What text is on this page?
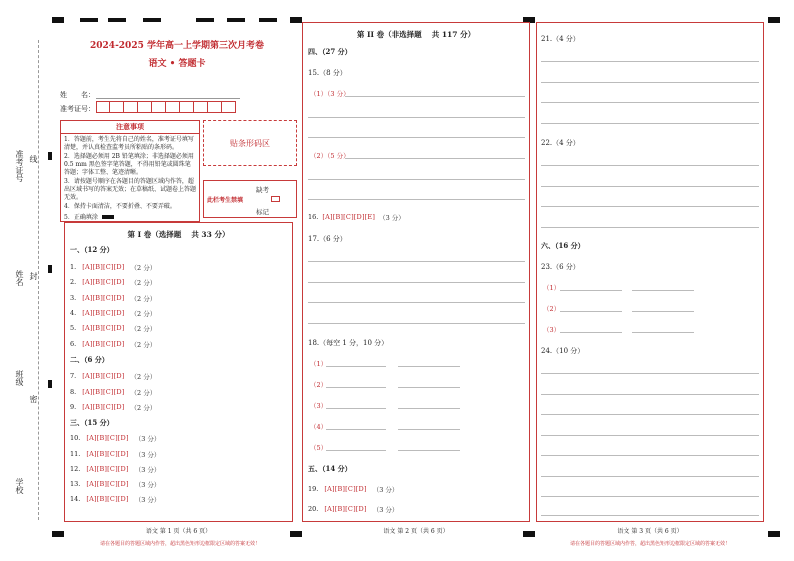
准考证号 线
姓名 封
班级
密
学校
2024-2025 学年高一上学期第三次月考卷
语文 • 答题卡
姓　　名：
准考证号：
注意事项
1．答题前，考生先将自己的姓名，准考证号填写清楚，并认真检查监考员所粘贴的条形码。
2．选择题必须用 2B 铅笔填涂；非选择题必须用 0.5 mm 黑色签字笔答题，不得用铅笔或圆珠笔答题；字体工整、笔迹清晰。
3．请按题号顺序在各题目的答题区域内作答，超出区域书写的答案无效；在草稿纸、试题卷上答题无效。
4．保持卡面清洁，不要折叠、不要弄破。
5．正确填涂
贴条形码区
缺考
此栏考生禁填
标记
第 I 卷（选择题　 共 33 分）
一、（12 分）
1. [A][B][C][D] （2 分）
2. [A][B][C][D] （2 分）
3. [A][B][C][D] （2 分）
4. [A][B][C][D] （2 分）
5. [A][B][C][D] （2 分）
6. [A][B][C][D] （2 分）
二、（6 分）
7. [A][B][C][D] （2 分）
8. [A][B][C][D] （2 分）
9. [A][B][C][D] （2 分）
三、（15 分）
10. [A][B][C][D] （3 分）
11. [A][B][C][D] （3 分）
12. [A][B][C][D] （3 分）
13. [A][B][C][D] （3 分）
14. [A][B][C][D] （3 分）
语文 第 1 页（共 6 页）
请在各题目的答题区域内作答，超出黑色矩形边框限定区域的答案无效！
第 II 卷（非选择题　 共 117 分）
四、（27 分）
15.（8 分）
（1）（3 分）
（2）（5 分）
16. [A][B][C][D][E] （3 分）
17.（6 分）
18.（每空 1 分，10 分）
（1）
（2）
（3）
（4）
（5）
五、（14 分）
19. [A][B][C][D] （3 分）
20. [A][B][C][D] （3 分）
语文 第 2 页（共 6 页）
21.（4 分）
22.（4 分）
六、（16 分）
23.（6 分）
（1）
（2）
（3）
24.（10 分）
语文 第 3 页（共 6 页）
请在各题目的答题区域内作答，超出黑色矩形边框限定区域的答案无效！
